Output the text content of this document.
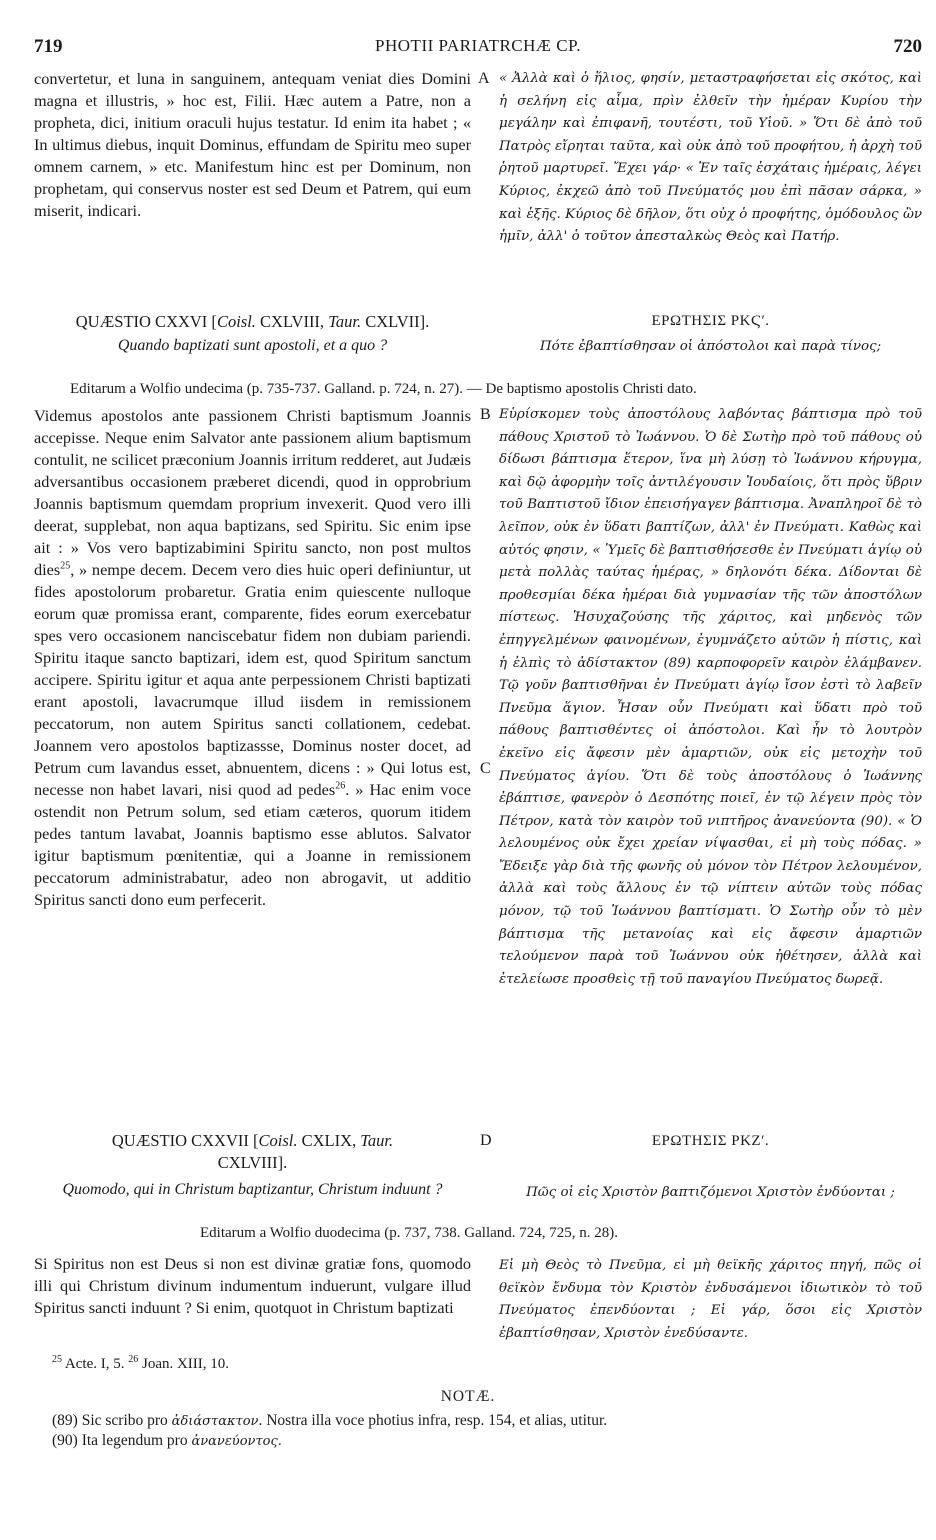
719	PHOTII PARIATRCHÆ CP.	720

convertetur, et luna in sanguinem, antequam veniat dies Domini magna et illustris, » hoc est, Filii. Hæc autem a Patre, non a propheta, dici, initium oraculi hujus testatur. Id enim ita habet ; « In ultimus diebus, inquit Dominus, effundam de Spiritu meo super omnem carnem, » etc. Manifestum hinc est per Dominum, non prophetam, qui conservus noster est sed Deum et Patrem, qui eum miserit, indicari.

A « Ἀλλὰ καὶ ὁ ἥλιος, φησίν, μεταστραφήσεται εἰς σκότος, καὶ ἡ σελήνη εἰς αἷμα, πρὶν ἐλθεῖν τὴν ἡμέραν Κυρίου τὴν μεγάλην καὶ ἐπιφανῆ, τουτέστι, τοῦ Υἱοῦ. » Ὅτι δὲ ἀπὸ τοῦ Πατρὸς εἴρηται ταῦτα, καὶ οὐκ ἀπὸ τοῦ προφήτου, ἡ ἀρχὴ τοῦ ῥητοῦ μαρτυρεῖ. Ἔχει γάρ· « Ἐν ταῖς ἐσχάταις ἡμέραις, λέγει Κύριος, ἐκχεῶ ἀπὸ τοῦ Πνεύματός μου ἐπὶ πᾶσαν σάρκα, » καὶ ἑξῆς. Κύριος δὲ δῆλον, ὅτι οὐχ ὁ προφήτης, ὁμόδουλος ὢν ἡμῖν, ἀλλ' ὁ τοῦτον ἀπεσταλκὼς Θεὸς καὶ Πατήρ.

QUÆSTIO CXXVI [Coisl. CXLVIII, Taur. CXLVII].
Quando baptizati sunt apostoli, et a quo ?
ΕΡΩΤΗΣΙΣ ΡΚϚʹ.
Πότε ἐβαπτίσθησαν οἱ ἀπόστολοι καὶ παρὰ τίνος;
Editarum a Wolfio undecima (p. 735-737. Galland. p. 724, n. 27). — De baptismo apostolis Christi dato.

Videmus apostolos ante passionem Christi baptismum Joannis accepisse. Neque enim Salvator ante passionem alium baptismum contulit, ne scilicet præconium Joannis irritum redderet, aut Judæis adversantibus occasionem præberet dicendi, quod in opprobrium Joannis baptismum quemdam proprium invexerit. Quod vero illi deerat, supplebat, non aqua baptizans, sed Spiritu. Sic enim ipse ait : » Vos vero baptizabimini Spiritu sancto, non post multos dies$^{25}$, » nempe decem. Decem vero dies huic operi definiuntur, ut fides apostolorum probaretur. Gratia enim quiescente nulloque eorum quæ promissa erant, comparente, fides eorum exercebatur spes vero occasionem nanciscebatur fidem non dubiam pariendi. Spiritu itaque sancto baptizari, idem est, quod Spiritum sanctum accipere. Spiritu igitur et aqua ante perpessionem Christi baptizati erant apostoli, lavacrumque illud iisdem in remissionem peccatorum, non autem Spiritus sancti collationem, cedebat. Joannem vero apostolos baptizassse, Dominus noster docet, ad Petrum cum lavandus esset, abnuentem, dicens : » Qui lotus est, necesse non habet lavari, nisi quod ad pedes$^{26}$. » Hac enim voce ostendit non Petrum solum, sed etiam cæteros, quorum itidem pedes tantum lavabat, Joannis baptismo esse ablutos. Salvator igitur baptismum pœnitentiæ, qui a Joanne in remissionem peccatorum administrabatur, adeo non abrogavit, ut additio Spiritus sancti dono eum perfecerit.

B
C

Εὑρίσκομεν τοὺς ἀποστόλους λαβόντας βάπτισμα πρὸ τοῦ πάθους Χριστοῦ τὸ Ἰωάννου. Ὁ δὲ Σωτὴρ πρὸ τοῦ πάθους οὐ δίδωσι βάπτισμα ἕτερον, ἵνα μὴ λύσῃ τὸ Ἰωάννου κήρυγμα, καὶ δῷ ἀφορμὴν τοῖς ἀντιλέγουσιν Ἰουδαίοις, ὅτι πρὸς ὕβριν τοῦ Βαπτιστοῦ ἴδιον ἐπεισήγαγεν βάπτισμα. Ἀναπληροῖ δὲ τὸ λεῖπον, οὐκ ἐν ὕδατι βαπτίζων, ἀλλ' ἐν Πνεύματι. Καθὼς καὶ αὐτός φησιν, « Ὑμεῖς δὲ βαπτισθήσεσθε ἐν Πνεύματι ἁγίῳ οὐ μετὰ πολλὰς ταύτας ἡμέρας, » δηλονότι δέκα. Δίδονται δὲ προθεσμίαι δέκα ἡμέραι διὰ γυμνασίαν τῆς τῶν ἀποστόλων πίστεως. Ἡσυχαζούσης τῆς χάριτος, καὶ μηδενὸς τῶν ἐπηγγελμένων φαινομένων, ἐγυμνάζετο αὐτῶν ἡ πίστις, καὶ ἡ ἐλπὶς τὸ ἀδίστακτον (89) καρποφορεῖν καιρὸν ἐλάμβανεν. Τῷ γοῦν βαπτισθῆναι ἐν Πνεύματι ἁγίῳ ἴσον ἐστὶ τὸ λαβεῖν Πνεῦμα ἅγιον. Ἦσαν οὖν Πνεύματι καὶ ὕδατι πρὸ τοῦ πάθους βαπτισθέντες οἱ ἀπόστολοι. Καὶ ἦν τὸ λουτρὸν ἐκεῖνο εἰς ἄφεσιν μὲν ἁμαρτιῶν, οὐκ εἰς μετοχὴν τοῦ Πνεύματος ἁγίου. Ὅτι δὲ τοὺς ἀποστόλους ὁ Ἰωάννης ἐβάπτισε, φανερὸν ὁ Δεσπότης ποιεῖ, ἐν τῷ λέγειν πρὸς τὸν Πέτρον, κατὰ τὸν καιρὸν τοῦ νιπτῆρος ἀνανεύοντα (90). « Ὁ λελουμένος οὐκ ἔχει χρείαν νίψασθαι, εἰ μὴ τοὺς πόδας. » Ἔδειξε γὰρ διὰ τῆς φωνῆς οὐ μόνον τὸν Πέτρον λελουμένον, ἀλλὰ καὶ τοὺς ἄλλους ἐν τῷ νίπτειν αὐτῶν τοὺς πόδας μόνον, τῷ τοῦ Ἰωάννου βαπτίσματι. Ὁ Σωτὴρ οὖν τὸ μὲν βάπτισμα τῆς μετανοίας καὶ εἰς ἄφεσιν ἁμαρτιῶν τελούμενον παρὰ τοῦ Ἰωάννου οὐκ ἠθέτησεν, ἀλλὰ καὶ ἐτελείωσε προσθεὶς τῇ τοῦ παναγίου Πνεύματος δωρεᾷ.

QUÆSTIO CXXVII [Coisl. CXLIX, Taur.
CXLVIII].
D
Quomodo, qui in Christum baptizantur, Christum induunt ?
ΕΡΩΤΗΣΙΣ ΡΚΖʹ.
Πῶς οἱ εἰς Χριστὸν βαπτιζόμενοι Χριστὸν ἐνδύονται ;
Editarum a Wolfio duodecima (p. 737, 738. Galland. 724, 725, n. 28).

Si Spiritus non est Deus si non est divinæ gratiæ fons, quomodo illi qui Christum divinum indumentum induerunt, vulgare illud Spiritus sancti induunt ? Si enim, quotquot in Christum baptizati

Εἰ μὴ Θεὸς τὸ Πνεῦμα, εἰ μὴ θεϊκῆς χάριτος πηγή, πῶς οἱ θεϊκὸν ἔνδυμα τὸν Κριστὸν ἐνδυσάμενοι ἰδιωτικὸν τὸ τοῦ Πνεύματος ἐπενδύονται ; Εἰ γάρ, ὅσοι εἰς Χριστὸν ἐβαπτίσθησαν, Χριστὸν ἐνεδύσαντε.

$^{25}$ Acte. I, 5. $^{26}$ Joan. XIII, 10.
NOTÆ.
(89) Sic scribo pro ἀδιάστακτον. Nostra illa voce photius infra, resp. 154, et alias, utitur.
(90) Ita legendum pro ἀνανεύοντος.
